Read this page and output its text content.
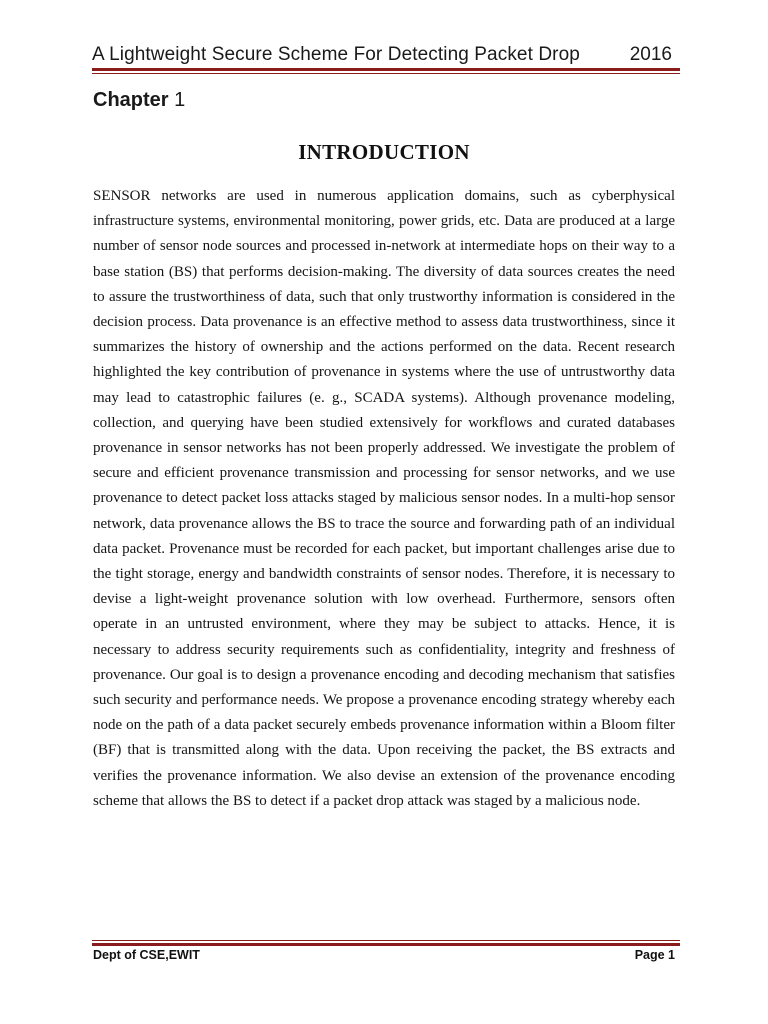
A Lightweight Secure Scheme For Detecting Packet Drop	2016
Chapter 1
INTRODUCTION

SENSOR networks are used in numerous application domains, such as cyberphysical infrastructure systems, environmental monitoring, power grids, etc. Data are produced at a large number of sensor node sources and processed in-network at intermediate hops on their way to a base station (BS) that performs decision-making. The diversity of data sources creates the need to assure the trustworthiness of data, such that only trustworthy information is considered in the decision process. Data provenance is an effective method to assess data trustworthiness, since it summarizes the history of ownership and the actions performed on the data. Recent research highlighted the key contribution of provenance in systems where the use of untrustworthy data may lead to catastrophic failures (e. g., SCADA systems). Although provenance modeling, collection, and querying have been studied extensively for workflows and curated databases provenance in sensor networks has not been properly addressed. We investigate the problem of secure and efficient provenance transmission and processing for sensor networks, and we use provenance to detect packet loss attacks staged by malicious sensor nodes. In a multi-hop sensor network, data provenance allows the BS to trace the source and forwarding path of an individual data packet. Provenance must be recorded for each packet, but important challenges arise due to the tight storage, energy and bandwidth constraints of sensor nodes. Therefore, it is necessary to devise a light-weight provenance solution with low overhead. Furthermore, sensors often operate in an untrusted environment, where they may be subject to attacks. Hence, it is necessary to address security requirements such as confidentiality, integrity and freshness of provenance. Our goal is to design a provenance encoding and decoding mechanism that satisfies such security and performance needs. We propose a provenance encoding strategy whereby each node on the path of a data packet securely embeds provenance information within a Bloom filter (BF) that is transmitted along with the data. Upon receiving the packet, the BS extracts and verifies the provenance information. We also devise an extension of the provenance encoding scheme that allows the BS to detect if a packet drop attack was staged by a malicious node.

Dept of CSE,EWIT	Page 1
